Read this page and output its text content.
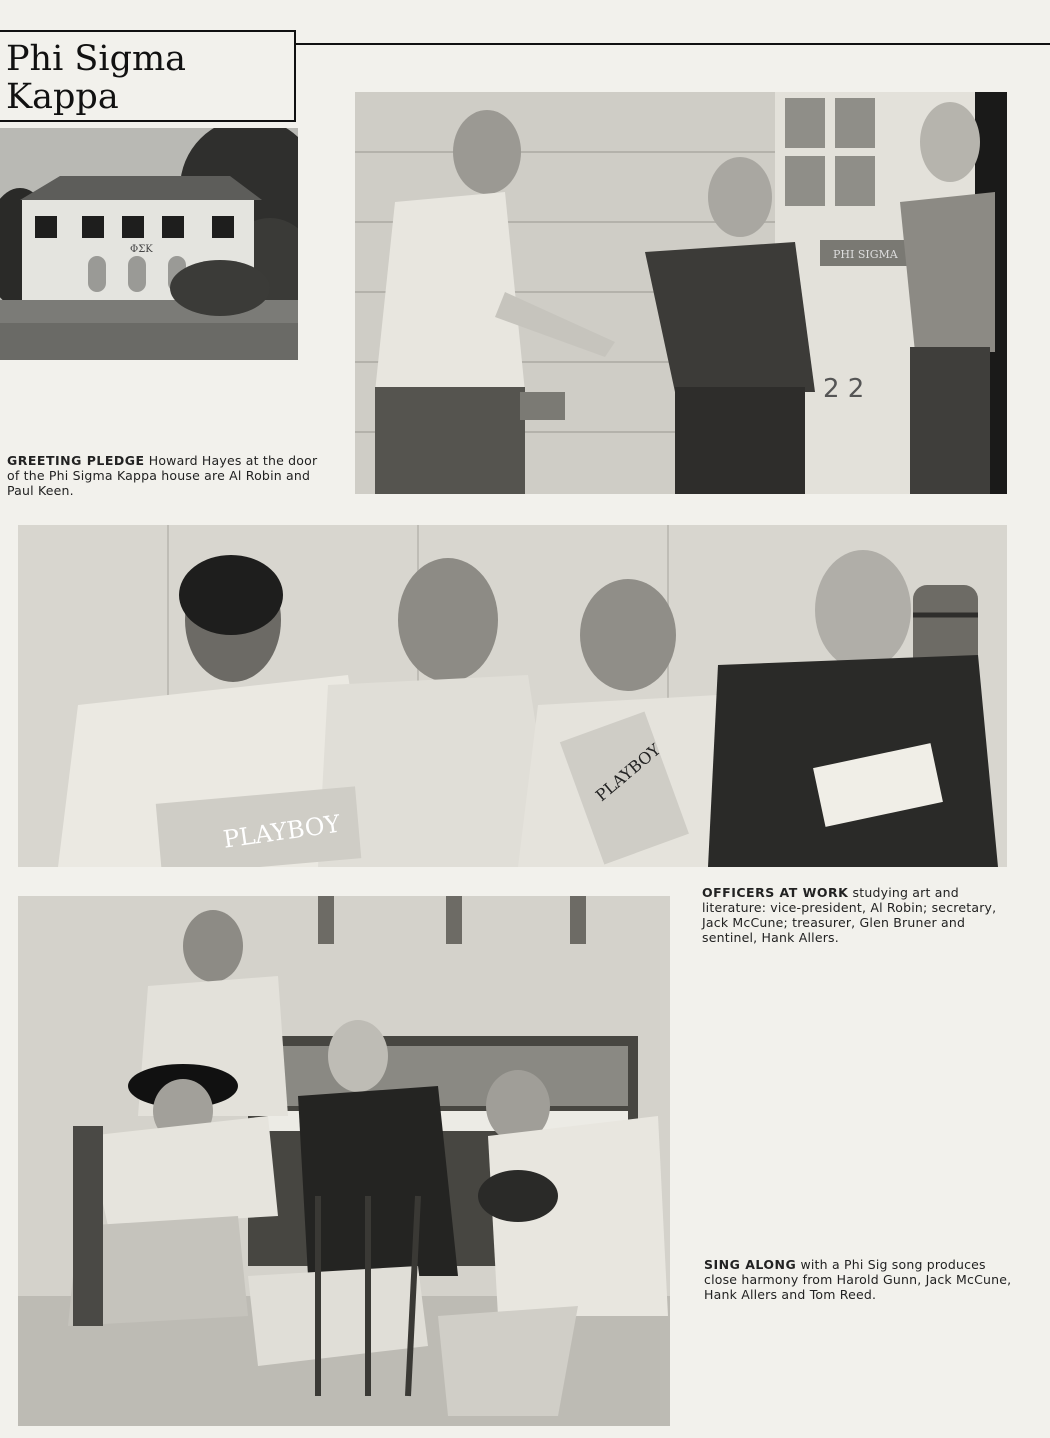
Phi Sigma
Kappa
ΦΣΚ	PHI SIGMA
2 2
GREETING PLEDGE Howard Hayes at the door of the Phi Sigma Kappa house are Al Robin and Paul Keen.
PLAYBOY
PLAYBOY
OFFICERS AT WORK studying art and literature: vice-president, Al Robin; secretary, Jack McCune; treasurer, Glen Bruner and sentinel, Hank Allers.
SING ALONG with a Phi Sig song produces close harmony from Harold Gunn, Jack McCune, Hank Allers and Tom Reed.
